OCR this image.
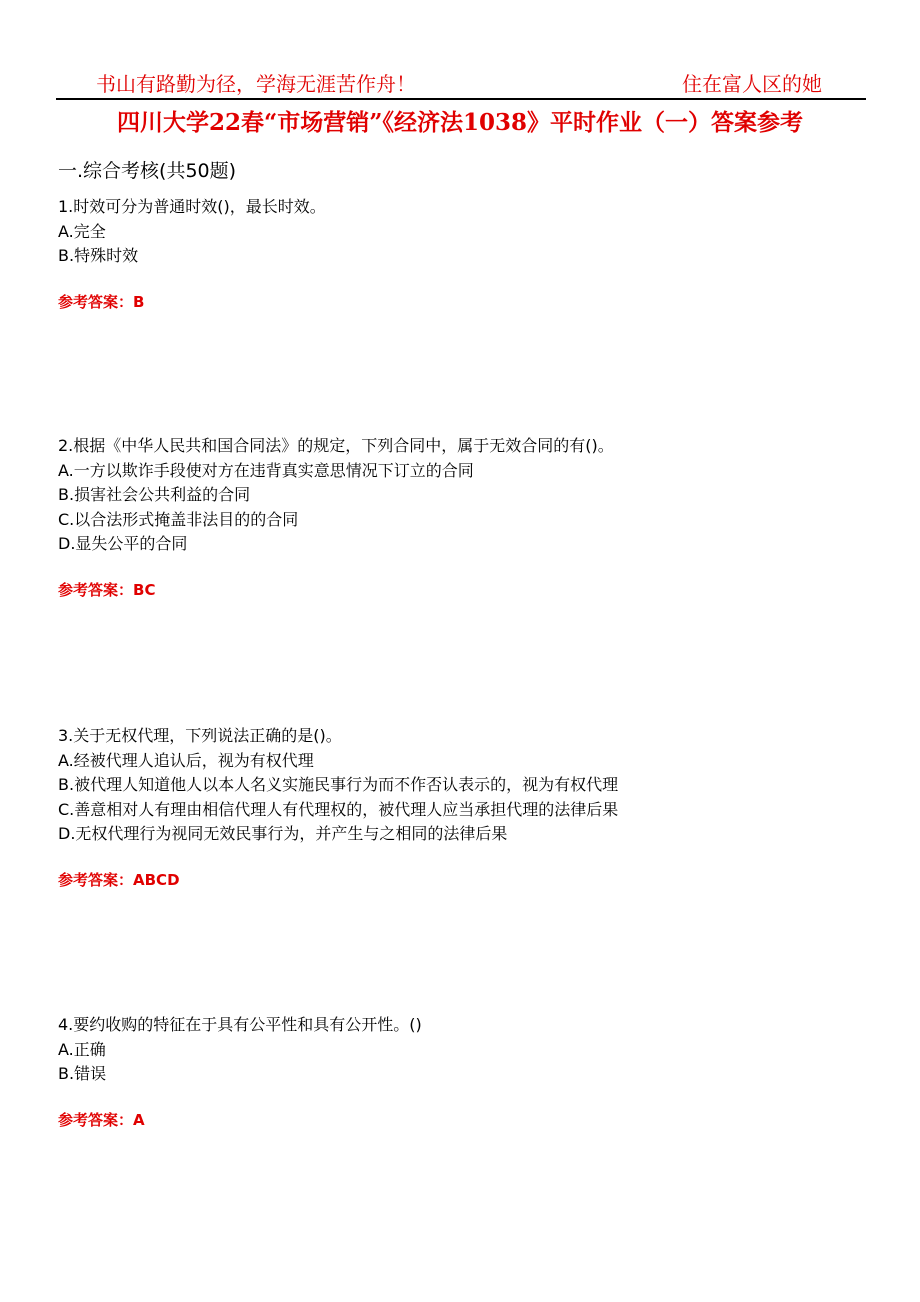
书山有路勤为径，学海无涯苦作舟！	住在富人区的她
四川大学22春“市场营销”《经济法1038》平时作业（一）答案参考
一.综合考核(共50题)
1.时效可分为普通时效()，最长时效。
A.完全
B.特殊时效
参考答案：B
2.根据《中华人民共和国合同法》的规定，下列合同中，属于无效合同的有()。
A.一方以欺诈手段使对方在违背真实意思情况下订立的合同
B.损害社会公共利益的合同
C.以合法形式掩盖非法目的的合同
D.显失公平的合同
参考答案：BC
3.关于无权代理，下列说法正确的是()。
A.经被代理人追认后，视为有权代理
B.被代理人知道他人以本人名义实施民事行为而不作否认表示的，视为有权代理
C.善意相对人有理由相信代理人有代理权的，被代理人应当承担代理的法律后果
D.无权代理行为视同无效民事行为，并产生与之相同的法律后果
参考答案：ABCD
4.要约收购的特征在于具有公平性和具有公开性。()
A.正确
B.错误
参考答案：A
